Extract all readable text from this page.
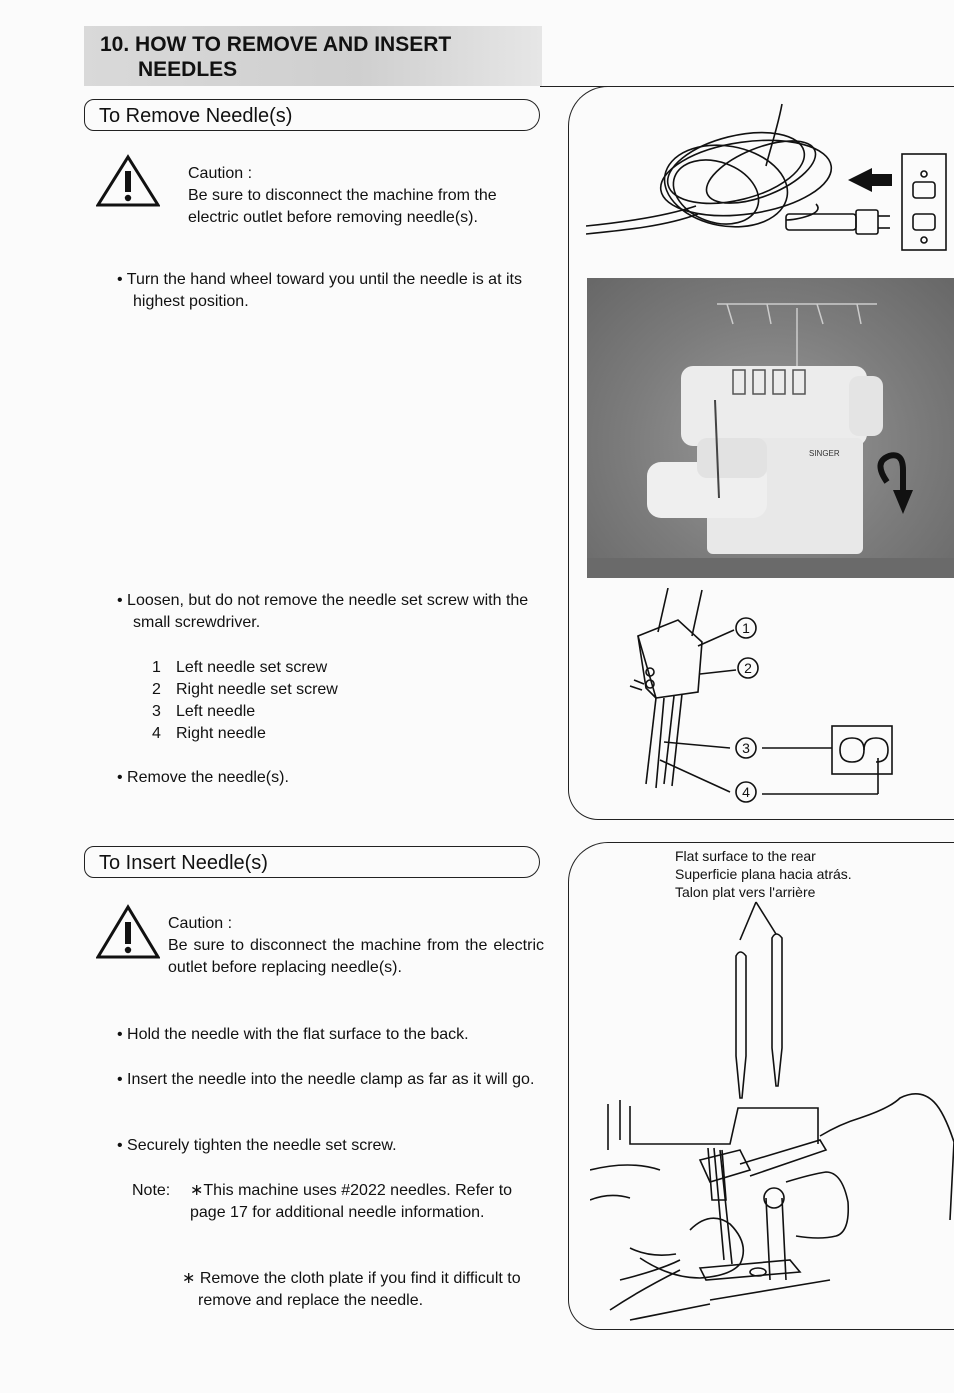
10. HOW TO REMOVE AND INSERT
NEEDLES
To Remove Needle(s)
Caution :
Be sure to disconnect the machine from the electric outlet before removing needle(s).
• Turn the hand wheel toward you until the needle is at its highest position.
• Loosen, but do not remove the needle set screw with the small screwdriver.
1 Left needle set screw
2 Right needle set screw
3 Left needle
4 Right needle
• Remove the needle(s).
SINGER
1
2
3
4
To Insert Needle(s)
Caution :
Be sure to disconnect the machine from the electric outlet before replacing needle(s).
• Hold the needle with the flat surface to the back.
• Insert the needle into the needle clamp as far as it will go.
• Securely tighten the needle set screw.
Note:	∗This machine uses #2022 needles. Refer to page 17 for additional needle information.
∗ Remove the cloth plate if you find it difficult to remove and replace the needle.
Flat surface to the rear
Superficie plana hacia atrás.
Talon plat vers l'arrière
